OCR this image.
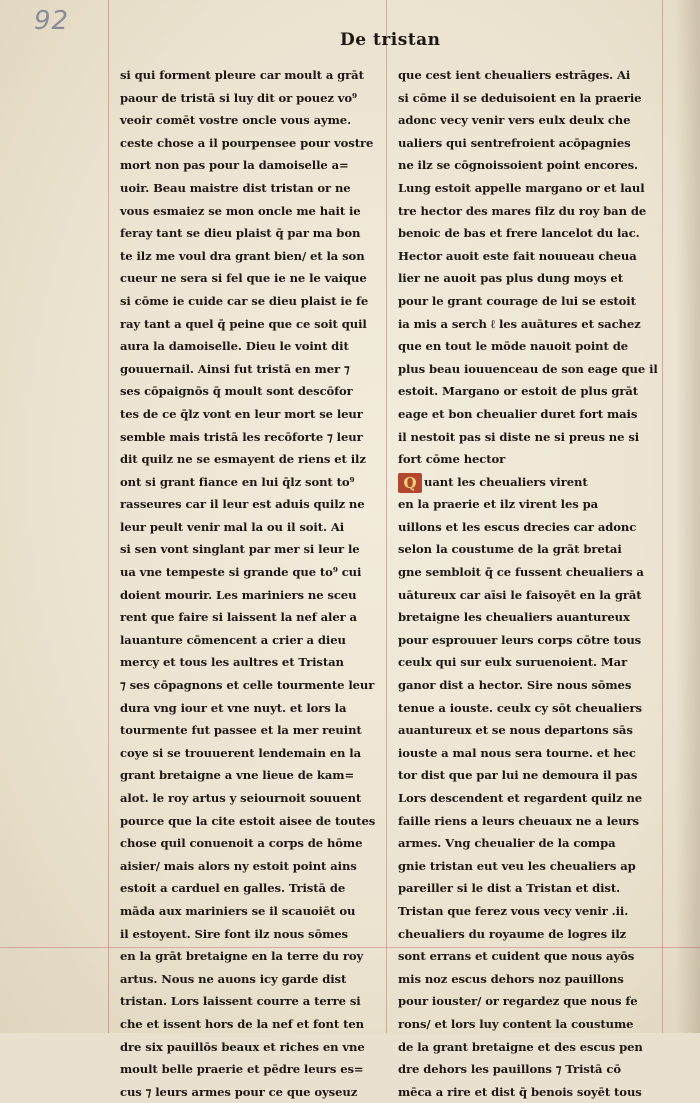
92
De tristan
si qui forment pleure car moult a grāt
paour de tristā si luy dit or pouez vo⁹
veoir comēt vostre oncle vous ayme.
ceste chose a il pourpensee pour vostre
mort non pas pour la damoiselle a=
uoir. Beau maistre dist tristan or ne
vous esmaiez se mon oncle me hait ie
feray tant se dieu plaist q̄ par ma bon
te ilz me voul dra grant bien/ et la son
cueur ne sera si fel que ie ne le vaique
si cōme ie cuide car se dieu plaist ie fe
ray tant a quel q̄ peine que ce soit quil
aura la damoiselle. Dieu le voint dit
gouuernail. Ainsi fut tristā en mer ⁊
ses cōpaignōs q̄ moult sont descōfor
tes de ce q̄lz vont en leur mort se leur
semble mais tristā les recōforte ⁊ leur
dit quilz ne se esmayent de riens et ilz
ont si grant fiance en lui q̄lz sont to⁹
rasseures car il leur est aduis quilz ne
leur peult venir mal la ou il soit. Ai
si sen vont singlant par mer si leur le
ua vne tempeste si grande que to⁹ cui
doient mourir. Les mariniers ne sceu
rent que faire si laissent la nef aler a
lauanture cōmencent a crier a dieu
mercy et tous les aultres et Tristan
⁊ ses cōpagnons et celle tourmente leur
dura vng iour et vne nuyt. et lors la
tourmente fut passee et la mer reuint
coye si se trouuerent lendemain en la
grant bretaigne a vne lieue de kam=
alot. le roy artus y seiournoit souuent
pource que la cite estoit aisee de toutes
chose quil conuenoit a corps de hōme
aisier/ mais alors ny estoit point ains
estoit a carduel en galles. Tristā de
māda aux mariniers se il scauoiēt ou
il estoyent. Sire font ilz nous sōmes
en la grāt bretaigne en la terre du roy
artus. Nous ne auons icy garde dist
tristan. Lors laissent courre a terre si
che et issent hors de la nef et font ten
dre six pauillōs beaux et riches en vne
moult belle praerie et pēdre leurs es=
cus ⁊ leurs armes pour ce que oyseuz
que cest ient cheualiers estrāges. Ai
si cōme il se deduisoient en la praerie
adonc vecy venir vers eulx deulx che
ualiers qui sentrefroient acōpagnies
ne ilz se cōgnoissoient point encores.
Lung estoit appelle margano or et laul
tre hector des mares filz du roy ban de
benoic de bas et frere lancelot du lac.
Hector auoit este fait nouueau cheua
lier ne auoit pas plus dung moys et
pour le grant courage de lui se estoit
ia mis a serch ℓ les auātures et sachez
que en tout le mōde nauoit point de
plus beau iouuenceau de son eage que il
estoit. Margano or estoit de plus grāt
eage et bon cheualier duret fort mais
il nestoit pas si diste ne si preus ne si
fort cōme hector
Q uant les cheualiers virent
en la praerie et ilz virent les pa
uillons et les escus drecies car adonc
selon la coustume de la grāt bretai
gne sembloit q̄ ce fussent cheualiers a
uātureux car aīsi le faisoyēt en la grāt
bretaigne les cheualiers auantureux
pour esprouuer leurs corps cōtre tous
ceulx qui sur eulx suruenoient. Mar
ganor dist a hector. Sire nous sōmes
tenue a iouste. ceulx cy sōt cheualiers
auantureux et se nous departons sās
iouste a mal nous sera tourne. et hec
tor dist que par lui ne demoura il pas
Lors descendent et regardent quilz ne
faille riens a leurs cheuaux ne a leurs
armes. Vng cheualier de la compa
gnie tristan eut veu les cheualiers ap
pareiller si le dist a Tristan et dist.
Tristan que ferez vous vecy venir .ii.
cheualiers du royaume de logres ilz
sont errans et cuident que nous ayōs
mis noz escus dehors noz pauillons
pour iouster/ or regardez que nous fe
rons/ et lors luy content la coustume
de la grant bretaigne et des escus pen
dre dehors les pauillons ⁊ Tristā cō
mēca a rire et dist q̄ benois soyēt tous
